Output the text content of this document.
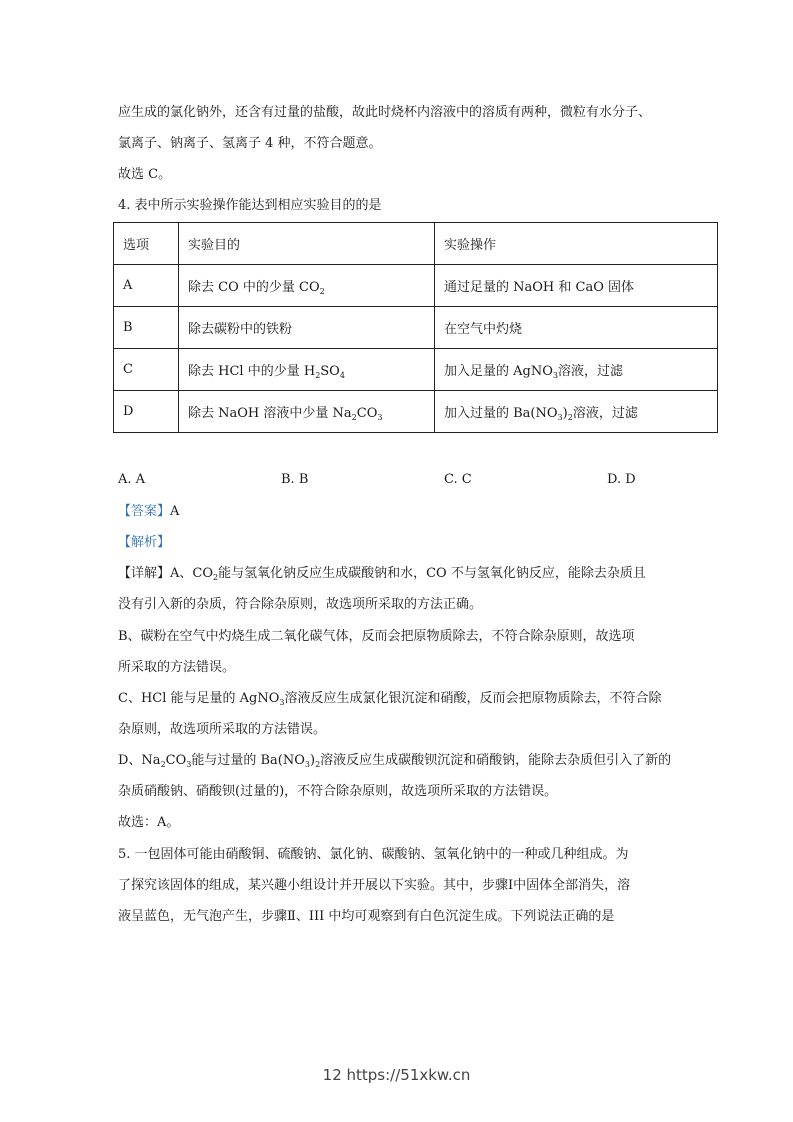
应生成的氯化钠外，还含有过量的盐酸，故此时烧杯内溶液中的溶质有两种，微粒有水分子、
氯离子、钠离子、氢离子 4 种，不符合题意。
故选 C。
4. 表中所示实验操作能达到相应实验目的的是
选项	实验目的	实验操作
A	除去 CO 中的少量 $CO_2$	通过足量的 NaOH 和 CaO 固体
B	除去碳粉中的铁粉	在空气中灼烧
C	除去 HCl 中的少量 $H_2SO_4$	加入足量的 AgNO$_3$溶液，过滤
D	除去 NaOH 溶液中少量 $Na_2CO_3$	加入过量的 $Ba(NO_3)_2$溶液，过滤
A. A	B. B	C. C	D. D
【答案】A
【解析】
【详解】A、$CO_2$能与氢氧化钠反应生成碳酸钠和水，CO 不与氢氧化钠反应，能除去杂质且
没有引入新的杂质，符合除杂原则，故选项所采取的方法正确。
B、碳粉在空气中灼烧生成二氧化碳气体，反而会把原物质除去，不符合除杂原则，故选项
所采取的方法错误。
C、HCl 能与足量的 AgNO$_3$溶液反应生成氯化银沉淀和硝酸，反而会把原物质除去，不符合除
杂原则，故选项所采取的方法错误。
D、$Na_2CO_3$能与过量的 $Ba(NO_3)_2$溶液反应生成碳酸钡沉淀和硝酸钠，能除去杂质但引入了新的
杂质硝酸钠、硝酸钡(过量的)，不符合除杂原则，故选项所采取的方法错误。
故选：A。
5. 一包固体可能由硝酸铜、硫酸钠、氯化钠、碳酸钠、氢氧化钠中的一种或几种组成。为
了探究该固体的组成，某兴趣小组设计并开展以下实验。其中，步骤Ⅰ中固体全部消失，溶
液呈蓝色，无气泡产生，步骤Ⅱ、III 中均可观察到有白色沉淀生成。下列说法正确的是
12 https://51xkw.cn
